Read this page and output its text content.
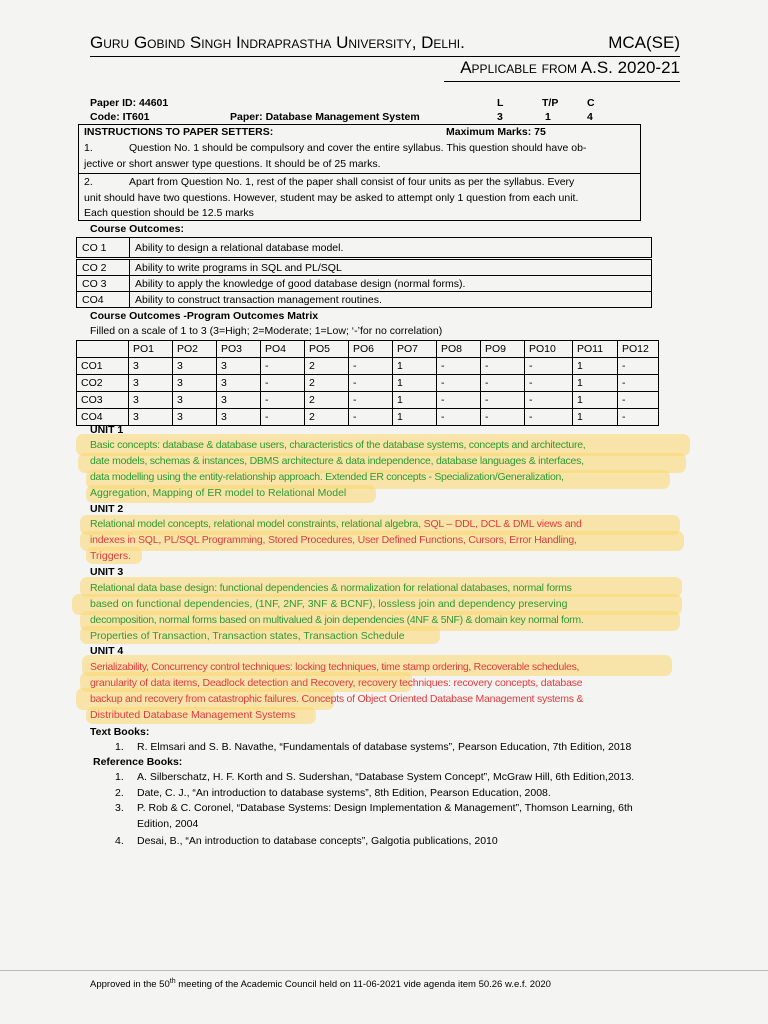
Guru Gobind Singh Indraprastha University, Delhi.	MCA(SE)
Applicable from A.S. 2020-21
Paper ID: 44601
Code: IT601	Paper: Database Management System
L	T/P	C
3	1	4
INSTRUCTIONS TO PAPER SETTERS:	Maximum Marks: 75
1.	Question No. 1 should be compulsory and cover the entire syllabus. This question should have ob-
jective or short answer type questions. It should be of 25 marks.
2.	Apart from Question No. 1, rest of the paper shall consist of four units as per the syllabus. Every
unit should have two questions. However, student may be asked to attempt only 1 question from each unit.
Each question should be 12.5 marks
Course Outcomes:
CO 1	Ability to design a relational database model.
CO 2	Ability to write programs in SQL and PL/SQL
CO 3	Ability to apply the knowledge of good database design (normal forms).
CO4	Ability to construct transaction management routines.
Course Outcomes -Program Outcomes Matrix
Filled on a scale of 1 to 3 (3=High; 2=Moderate; 1=Low; ‘-’for no correlation)
	PO1	PO2	PO3	PO4	PO5	PO6	PO7	PO8	PO9	PO10	PO11	PO12
CO1	3	3	3	-	2	-	1	-	-	-	1	-
CO2	3	3	3	-	2	-	1	-	-	-	1	-
CO3	3	3	3	-	2	-	1	-	-	-	1	-
CO4	3	3	3	-	2	-	1	-	-	-	1	-
UNIT 1
Basic concepts: database & database users, characteristics of the database systems, concepts and architecture,
date models, schemas & instances, DBMS architecture & data independence, database languages & interfaces,
data modelling using the entity-relationship approach. Extended ER concepts - Specialization/Generalization,
Aggregation, Mapping of ER model to Relational Model
UNIT 2
Relational model concepts, relational model constraints, relational algebra, SQL – DDL, DCL & DML views and
indexes in SQL, PL/SQL Programming, Stored Procedures, User Defined Functions, Cursors, Error Handling,
Triggers.
UNIT 3
Relational data base design: functional dependencies & normalization for relational databases, normal forms
based on functional dependencies, (1NF, 2NF, 3NF & BCNF), lossless join and dependency preserving
decomposition, normal forms based on multivalued & join dependencies (4NF & 5NF) & domain key normal form.
Properties of Transaction, Transaction states, Transaction Schedule
UNIT 4
Serializability, Concurrency control techniques: locking techniques, time stamp ordering, Recoverable schedules,
granularity of data items, Deadlock detection and Recovery, recovery techniques: recovery concepts, database
backup and recovery from catastrophic failures. Concepts of Object Oriented Database Management systems &
Distributed Database Management Systems
Text Books:
1. R. Elmsari and S. B. Navathe, “Fundamentals of database systems”, Pearson Education, 7th Edition, 2018
Reference Books:
1. A. Silberschatz, H. F. Korth and S. Sudershan, “Database System Concept”, McGraw Hill, 6th Edition,2013.
2. Date, C. J., “An introduction to database systems”, 8th Edition, Pearson Education, 2008.
3. P. Rob & C. Coronel, “Database Systems: Design Implementation & Management”, Thomson Learning, 6th
Edition, 2004
4. Desai, B., “An introduction to database concepts”, Galgotia publications, 2010
Approved in the 50th meeting of the Academic Council held on 11-06-2021 vide agenda item 50.26 w.e.f. 2020
